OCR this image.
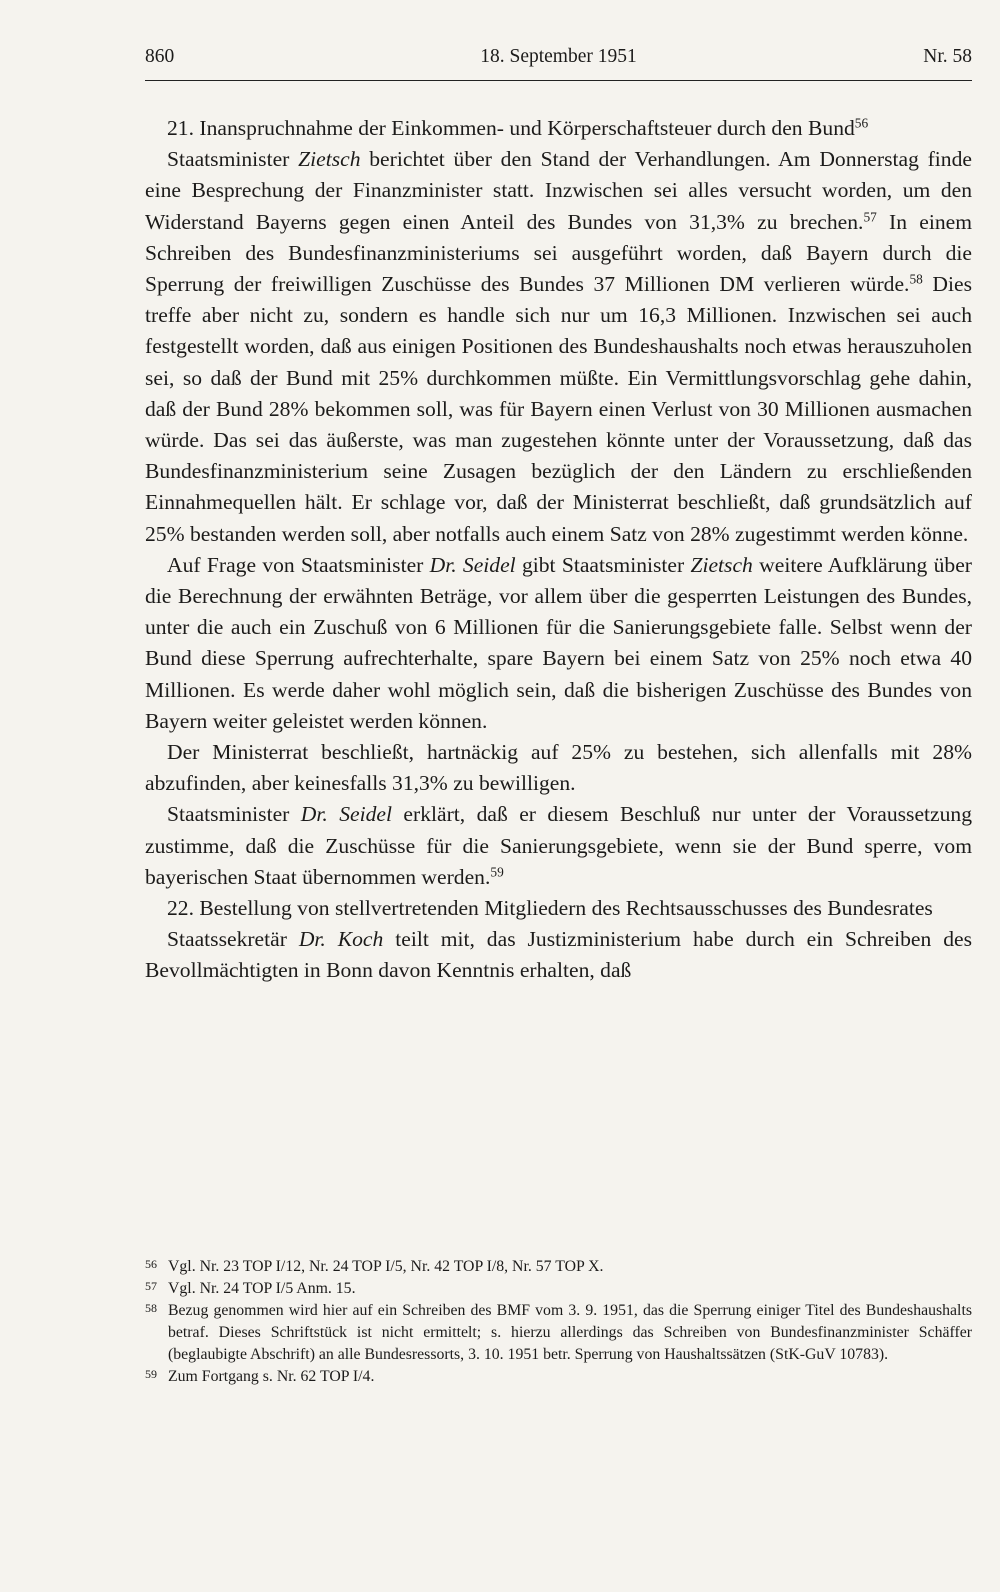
860	18. September 1951	Nr. 58

21. Inanspruchnahme der Einkommen- und Körperschaftsteuer durch den Bund$^{56}$

Staatsminister Zietsch berichtet über den Stand der Verhandlungen. Am Donnerstag finde eine Besprechung der Finanzminister statt. Inzwischen sei alles versucht worden, um den Widerstand Bayerns gegen einen Anteil des Bundes von 31,3% zu brechen.$^{57}$ In einem Schreiben des Bundesfinanzministeriums sei ausgeführt worden, daß Bayern durch die Sperrung der freiwilligen Zuschüsse des Bundes 37 Millionen DM verlieren würde.$^{58}$ Dies treffe aber nicht zu, sondern es handle sich nur um 16,3 Millionen. Inzwischen sei auch festgestellt worden, daß aus einigen Positionen des Bundeshaushalts noch etwas herauszuholen sei, so daß der Bund mit 25% durchkommen müßte. Ein Vermittlungsvorschlag gehe dahin, daß der Bund 28% bekommen soll, was für Bayern einen Verlust von 30 Millionen ausmachen würde. Das sei das äußerste, was man zugestehen könnte unter der Voraussetzung, daß das Bundesfinanzministerium seine Zusagen bezüglich der den Ländern zu erschließenden Einnahmequellen hält. Er schlage vor, daß der Ministerrat beschließt, daß grundsätzlich auf 25% bestanden werden soll, aber notfalls auch einem Satz von 28% zugestimmt werden könne.

Auf Frage von Staatsminister Dr. Seidel gibt Staatsminister Zietsch weitere Aufklärung über die Berechnung der erwähnten Beträge, vor allem über die gesperrten Leistungen des Bundes, unter die auch ein Zuschuß von 6 Millionen für die Sanierungsgebiete falle. Selbst wenn der Bund diese Sperrung aufrechterhalte, spare Bayern bei einem Satz von 25% noch etwa 40 Millionen. Es werde daher wohl möglich sein, daß die bisherigen Zuschüsse des Bundes von Bayern weiter geleistet werden können.

Der Ministerrat beschließt, hartnäckig auf 25% zu bestehen, sich allenfalls mit 28% abzufinden, aber keinesfalls 31,3% zu bewilligen.

Staatsminister Dr. Seidel erklärt, daß er diesem Beschluß nur unter der Voraussetzung zustimme, daß die Zuschüsse für die Sanierungsgebiete, wenn sie der Bund sperre, vom bayerischen Staat übernommen werden.$^{59}$

22. Bestellung von stellvertretenden Mitgliedern des Rechtsausschusses des Bundesrates

Staatssekretär Dr. Koch teilt mit, das Justizministerium habe durch ein Schreiben des Bevollmächtigten in Bonn davon Kenntnis erhalten, daß

56 Vgl. Nr. 23 TOP I/12, Nr. 24 TOP I/5, Nr. 42 TOP I/8, Nr. 57 TOP X.
57 Vgl. Nr. 24 TOP I/5 Anm. 15.
58 Bezug genommen wird hier auf ein Schreiben des BMF vom 3. 9. 1951, das die Sperrung einiger Titel des Bundeshaushalts betraf. Dieses Schriftstück ist nicht ermittelt; s. hierzu allerdings das Schreiben von Bundesfinanzminister Schäffer (beglaubigte Abschrift) an alle Bundesressorts, 3. 10. 1951 betr. Sperrung von Haushaltssätzen (StK-GuV 10783).
59 Zum Fortgang s. Nr. 62 TOP I/4.
